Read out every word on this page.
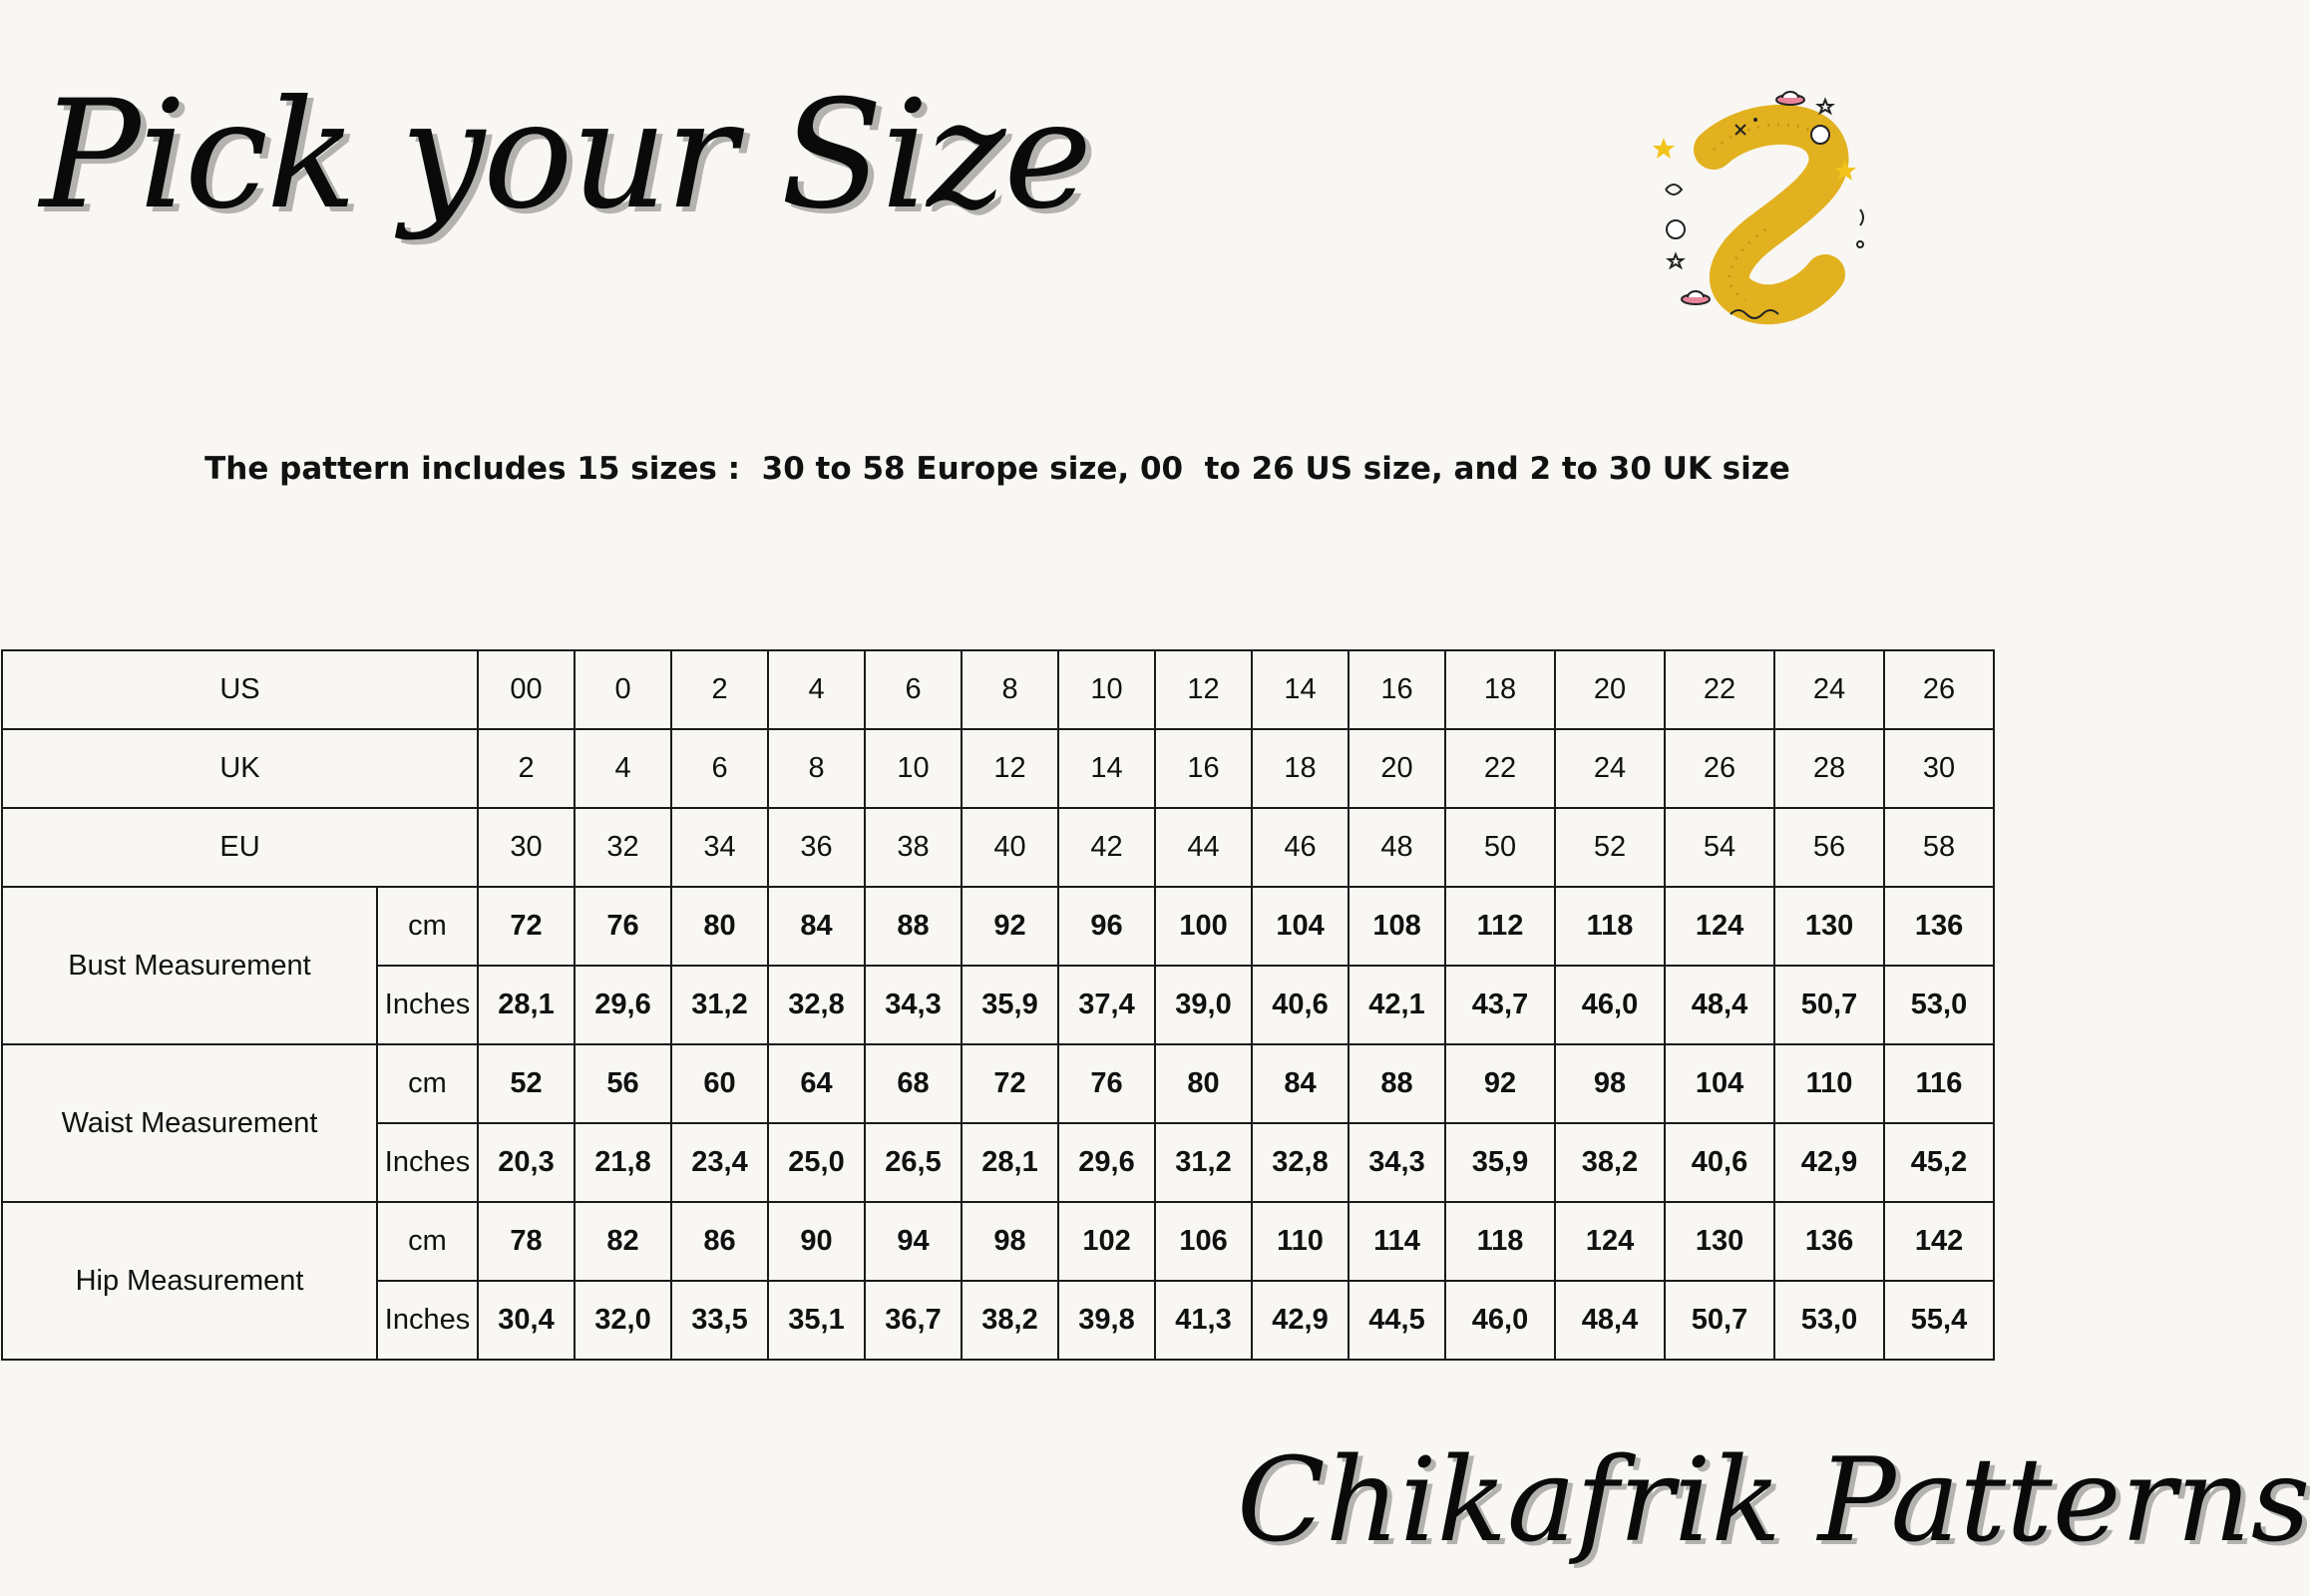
Pick your Size
The pattern includes 15 sizes :  30 to 58 Europe size, 00  to 26 US size, and 2 to 30 UK size
US		00	0	2	4	6	8	10	12	14	16	18	20	22	24	26
UK		2	4	6	8	10	12	14	16	18	20	22	24	26	28	30
EU		30	32	34	36	38	40	42	44	46	48	50	52	54	56	58
Bust Measurement	cm	72	76	80	84	88	92	96	100	104	108	112	118	124	130	136
	Inches	28,1	29,6	31,2	32,8	34,3	35,9	37,4	39,0	40,6	42,1	43,7	46,0	48,4	50,7	53,0
Waist Measurement	cm	52	56	60	64	68	72	76	80	84	88	92	98	104	110	116
	Inches	20,3	21,8	23,4	25,0	26,5	28,1	29,6	31,2	32,8	34,3	35,9	38,2	40,6	42,9	45,2
Hip Measurement	cm	78	82	86	90	94	98	102	106	110	114	118	124	130	136	142
	Inches	30,4	32,0	33,5	35,1	36,7	38,2	39,8	41,3	42,9	44,5	46,0	48,4	50,7	53,0	55,4
Chikafrik Patterns
